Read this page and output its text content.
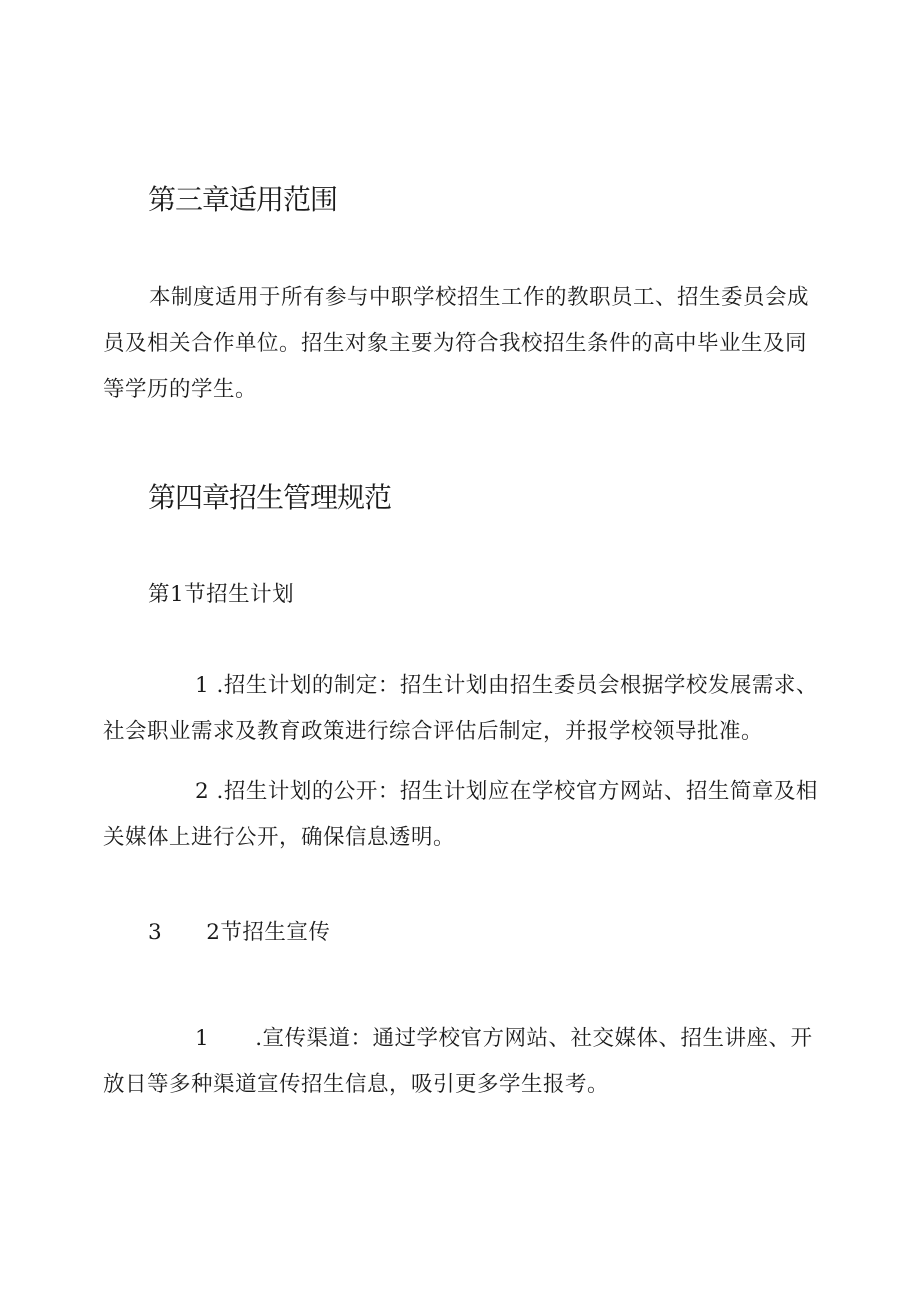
第三章适用范围

本制度适用于所有参与中职学校招生工作的教职员工、招生委员会成员及相关合作单位。招生对象主要为符合我校招生条件的高中毕业生及同等学历的学生。

第四章招生管理规范

第1节招生计划

1 .招生计划的制定：招生计划由招生委员会根据学校发展需求、社会职业需求及教育政策进行综合评估后制定，并报学校领导批准。
2 .招生计划的公开：招生计划应在学校官方网站、招生简章及相关媒体上进行公开，确保信息透明。
3 2节招生宣传
1 .宣传渠道：通过学校官方网站、社交媒体、招生讲座、开放日等多种渠道宣传招生信息，吸引更多学生报考。
